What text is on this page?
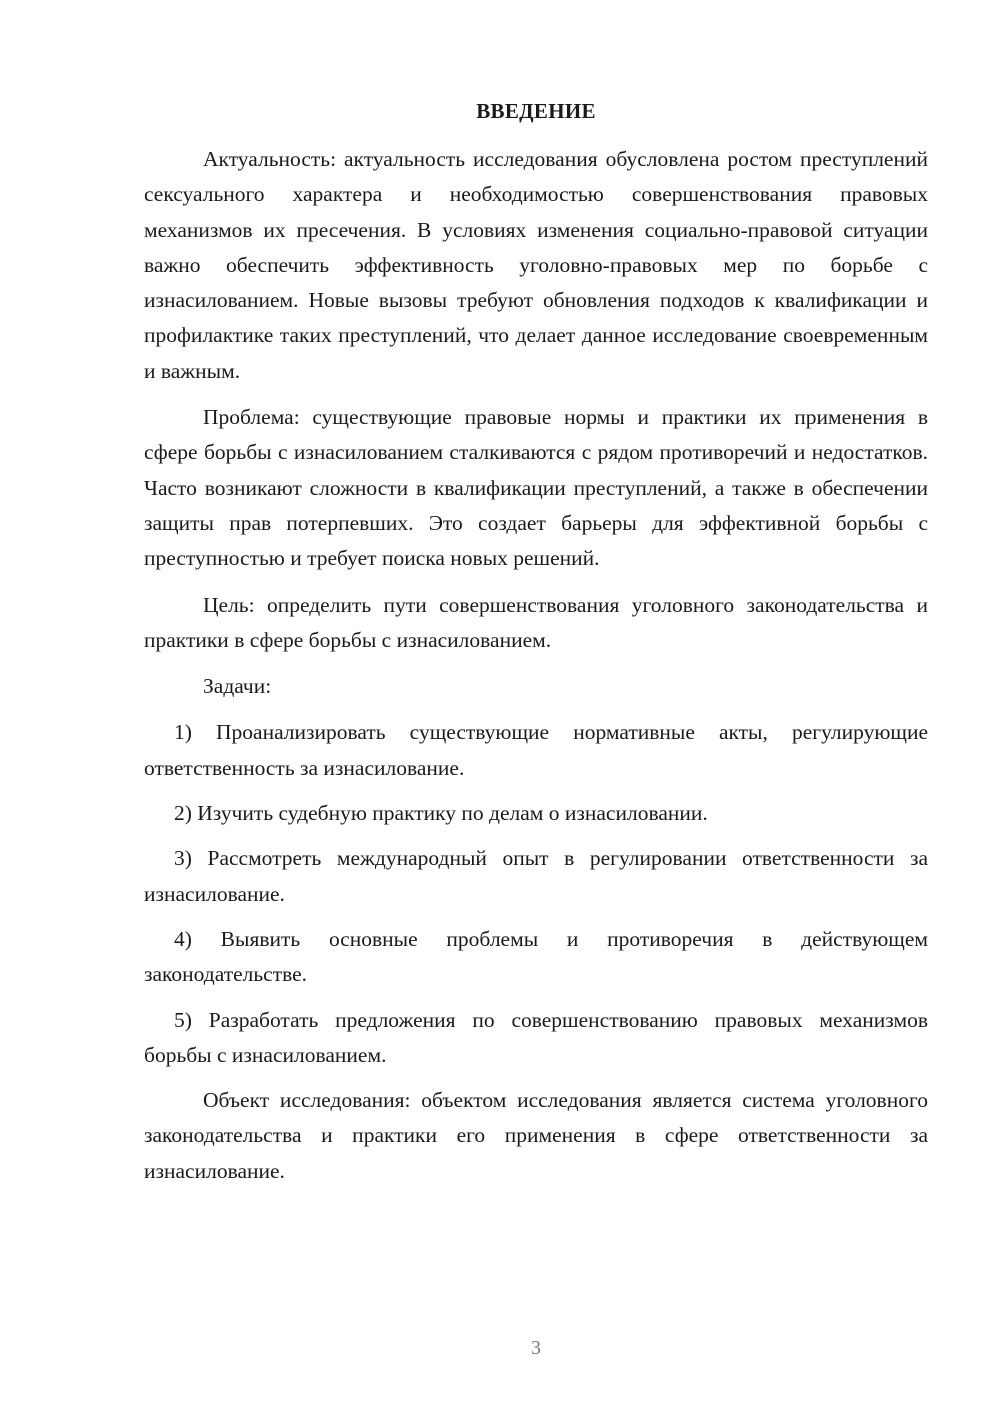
ВВЕДЕНИЕ

Актуальность: актуальность исследования обусловлена ростом преступлений сексуального характера и необходимостью совершенствования правовых механизмов их пресечения. В условиях изменения социально-правовой ситуации важно обеспечить эффективность уголовно-правовых мер по борьбе с изнасилованием. Новые вызовы требуют обновления подходов к квалификации и профилактике таких преступлений, что делает данное исследование своевременным и важным.

Проблема: существующие правовые нормы и практики их применения в сфере борьбы с изнасилованием сталкиваются с рядом противоречий и недостатков. Часто возникают сложности в квалификации преступлений, а также в обеспечении защиты прав потерпевших. Это создает барьеры для эффективной борьбы с преступностью и требует поиска новых решений.

Цель: определить пути совершенствования уголовного законодательства и практики в сфере борьбы с изнасилованием.

Задачи:

1) Проанализировать существующие нормативные акты, регулирующие ответственность за изнасилование.

2) Изучить судебную практику по делам о изнасиловании.

3) Рассмотреть международный опыт в регулировании ответственности за изнасилование.

4) Выявить основные проблемы и противоречия в действующем законодательстве.

5) Разработать предложения по совершенствованию правовых механизмов борьбы с изнасилованием.

Объект исследования: объектом исследования является система уголовного законодательства и практики его применения в сфере ответственности за изнасилование.

3
